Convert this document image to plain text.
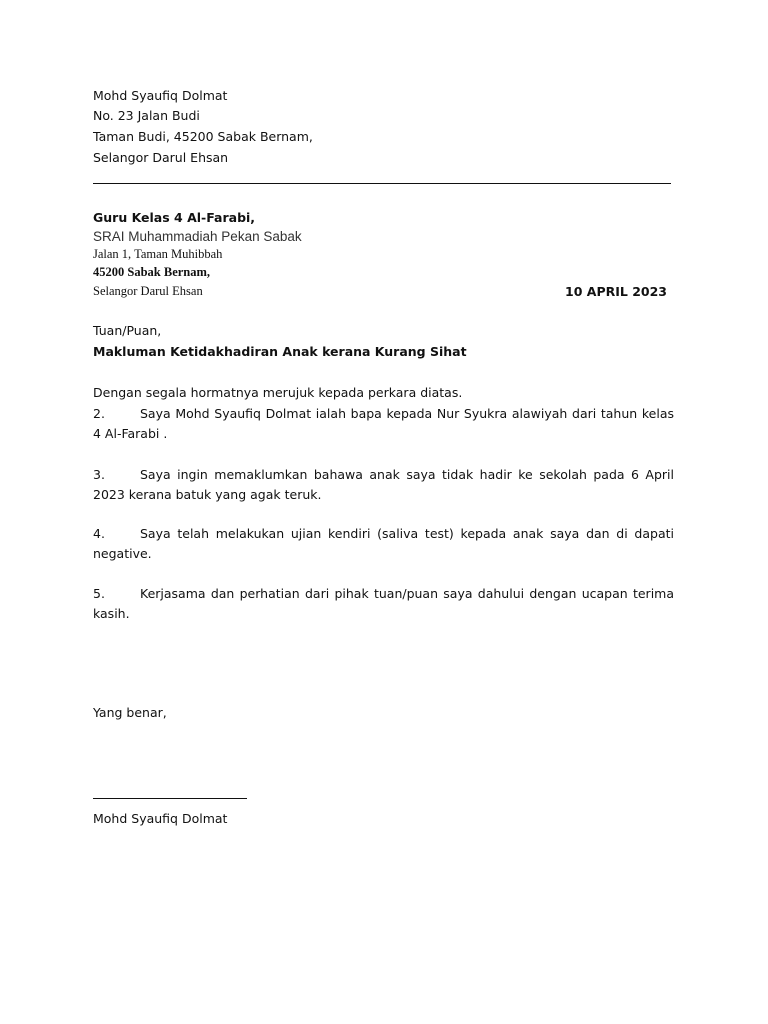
Mohd Syaufiq Dolmat
No. 23 Jalan Budi
Taman Budi, 45200 Sabak Bernam,
Selangor Darul Ehsan
Guru Kelas 4 Al-Farabi,
SRAI Muhammadiah Pekan Sabak
Jalan 1, Taman Muhibbah
45200 Sabak Bernam,
Selangor Darul Ehsan	10 APRIL 2023
Tuan/Puan,
Makluman Ketidakhadiran Anak kerana Kurang Sihat
Dengan segala hormatnya merujuk kepada perkara diatas.
2.	Saya Mohd Syaufiq Dolmat ialah bapa kepada Nur Syukra alawiyah dari tahun kelas 4 Al-Farabi .
3.	Saya ingin memaklumkan bahawa anak saya tidak hadir ke sekolah pada 6 April 2023 kerana batuk yang agak teruk.
4.	Saya telah melakukan ujian kendiri (saliva test) kepada anak saya dan di dapati negative.
5.	Kerjasama dan perhatian dari pihak tuan/puan saya dahului dengan ucapan terima kasih.
Yang benar,
Mohd Syaufiq Dolmat
